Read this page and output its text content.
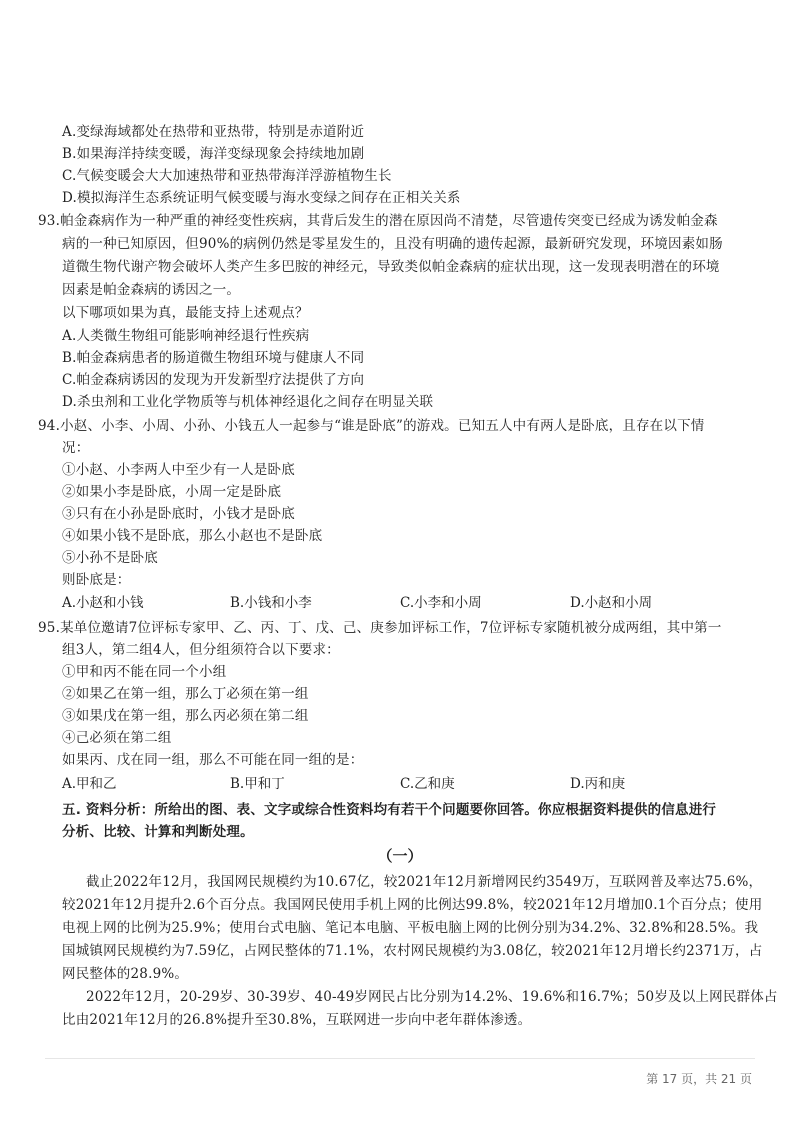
A.变绿海域都处在热带和亚热带，特别是赤道附近
B.如果海洋持续变暖，海洋变绿现象会持续地加剧
C.气候变暖会大大加速热带和亚热带海洋浮游植物生长
D.模拟海洋生态系统证明气候变暖与海水变绿之间存在正相关关系
93.帕金森病作为一种严重的神经变性疾病，其背后发生的潜在原因尚不清楚，尽管遗传突变已经成为诱发帕金森
病的一种已知原因，但90%的病例仍然是零星发生的，且没有明确的遗传起源，最新研究发现，环境因素如肠
道微生物代谢产物会破坏人类产生多巴胺的神经元，导致类似帕金森病的症状出现，这一发现表明潜在的环境
因素是帕金森病的诱因之一。
以下哪项如果为真，最能支持上述观点？
A.人类微生物组可能影响神经退行性疾病
B.帕金森病患者的肠道微生物组环境与健康人不同
C.帕金森病诱因的发现为开发新型疗法提供了方向
D.杀虫剂和工业化学物质等与机体神经退化之间存在明显关联
94.小赵、小李、小周、小孙、小钱五人一起参与“谁是卧底”的游戏。已知五人中有两人是卧底，且存在以下情
况：
①小赵、小李两人中至少有一人是卧底
②如果小李是卧底，小周一定是卧底
③只有在小孙是卧底时，小钱才是卧底
④如果小钱不是卧底，那么小赵也不是卧底
⑤小孙不是卧底
则卧底是：
A.小赵和小钱	B.小钱和小李	C.小李和小周	D.小赵和小周
95.某单位邀请7位评标专家甲、乙、丙、丁、戊、己、庚参加评标工作，7位评标专家随机被分成两组，其中第一
组3人，第二组4人，但分组须符合以下要求：
①甲和丙不能在同一个小组
②如果乙在第一组，那么丁必须在第一组
③如果戊在第一组，那么丙必须在第二组
④己必须在第二组
如果丙、戊在同一组，那么不可能在同一组的是：
A.甲和乙	B.甲和丁	C.乙和庚	D.丙和庚
五. 资料分析：所给出的图、表、文字或综合性资料均有若干个问题要你回答。你应根据资料提供的信息进行
分析、比较、计算和判断处理。
（一）
截止2022年12月，我国网民规模约为10.67亿，较2021年12月新增网民约3549万，互联网普及率达75.6%，
较2021年12月提升2.6个百分点。我国网民使用手机上网的比例达99.8%，较2021年12月增加0.1个百分点；使用
电视上网的比例为25.9%；使用台式电脑、笔记本电脑、平板电脑上网的比例分别为34.2%、32.8%和28.5%。我
国城镇网民规模约为7.59亿，占网民整体的71.1%，农村网民规模约为3.08亿，较2021年12月增长约2371万，占
网民整体的28.9%。
2022年12月，20-29岁、30-39岁、40-49岁网民占比分别为14.2%、19.6%和16.7%；50岁及以上网民群体占
比由2021年12月的26.8%提升至30.8%，互联网进一步向中老年群体渗透。
第 17 页，共 21 页
